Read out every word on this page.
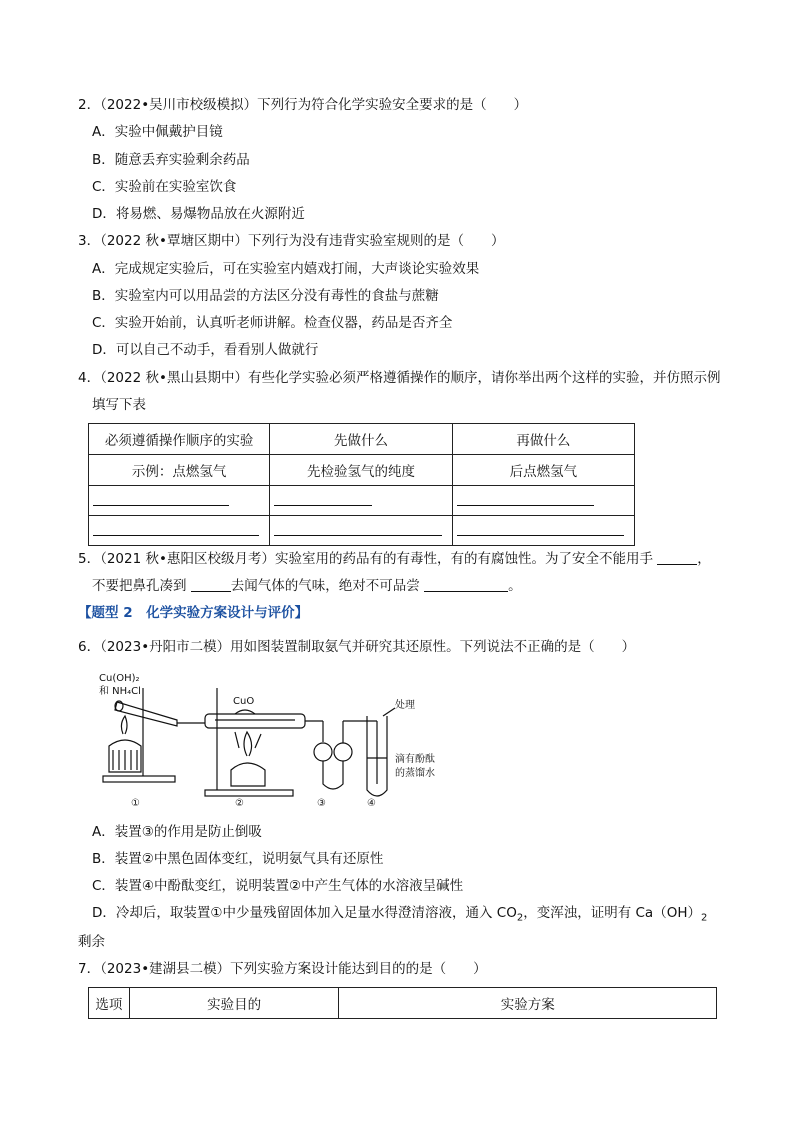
2．（2022•吴川市校级模拟）下列行为符合化学实验安全要求的是（　　）
A．实验中佩戴护目镜
B．随意丢弃实验剩余药品
C．实验前在实验室饮食
D．将易燃、易爆物品放在火源附近
3．（2022 秋•覃塘区期中）下列行为没有违背实验室规则的是（　　）
A．完成规定实验后，可在实验室内嬉戏打闹，大声谈论实验效果
B．实验室内可以用品尝的方法区分没有毒性的食盐与蔗糖
C．实验开始前，认真听老师讲解。检查仪器，药品是否齐全
D．可以自己不动手，看看别人做就行
4．（2022 秋•黑山县期中）有些化学实验必须严格遵循操作的顺序，请你举出两个这样的实验，并仿照示例
填写下表
必须遵循操作顺序的实验	先做什么	再做什么
示例：点燃氢气	先检验氢气的纯度	后点燃氢气

5．（2021 秋•惠阳区校级月考）实验室用的药品有的有毒性，有的有腐蚀性。为了安全不能用手	，
不要把鼻孔凑到	去闻气体的气味，绝对不可品尝	。
【题型 2　化学实验方案设计与评价】
6．（2023•丹阳市二模）用如图装置制取氨气并研究其还原性。下列说法不正确的是（　　）
Cu(OH)₂
和 NH₄Cl
CuO	处理
滴有酚酞
的蒸馏水
①	②	③	④
A．装置③的作用是防止倒吸
B．装置②中黑色固体变红，说明氨气具有还原性
C．装置④中酚酞变红，说明装置②中产生气体的水溶液呈碱性
D．冷却后，取装置①中少量残留固体加入足量水得澄清溶液，通入 $CO_2$，变浑浊，证明有 $Ca(OH)_2$
剩余
7．（2023•建湖县二模）下列实验方案设计能达到目的的是（　　）
选项	实验目的	实验方案
